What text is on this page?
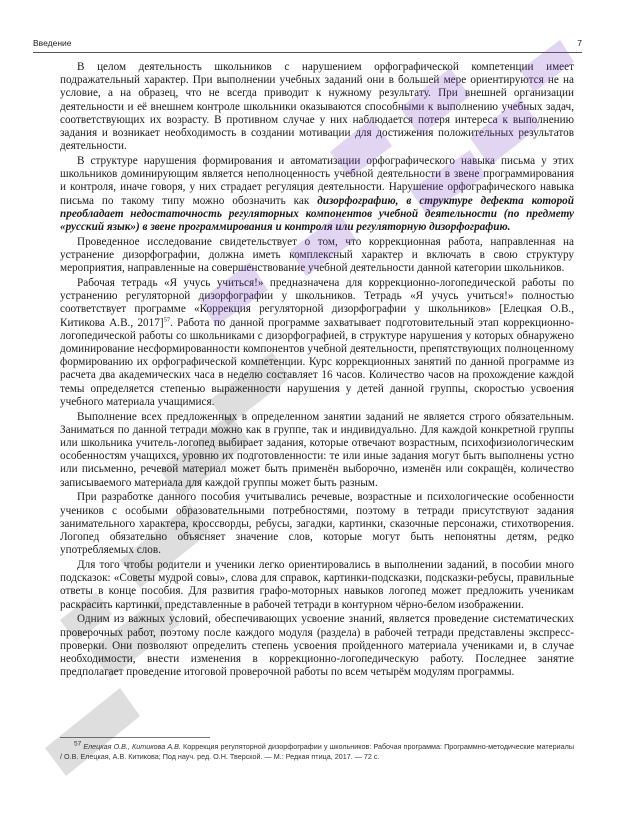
Введение	7

В целом деятельность школьников с нарушением орфографической компетенции имеет подражательный характер. При выполнении учебных заданий они в большей мере ориентируются не на условие, а на образец, что не всегда приводит к нужному результату. При внешней организации деятельности и её внешнем контроле школьники оказываются способными к выполнению учебных задач, соответствующих их возрасту. В противном случае у них наблюдается потеря интереса к выполнению задания и возникает необходимость в создании мотивации для достижения положительных результатов деятельности.

В структуре нарушения формирования и автоматизации орфографического навыка письма у этих школьников доминирующим является неполноценность учебной деятельности в звене программирования и контроля, иначе говоря, у них страдает регуляция деятельности. Нарушение орфографического навыка письма по такому типу можно обозначить как дизорфографию, в структуре дефекта которой преобладает недостаточность регуляторных компонентов учебной деятельности (по предмету «русский язык») в звене программирования и контроля или регуляторную дизорфографию.

Проведенное исследование свидетельствует о том, что коррекционная работа, направленная на устранение дизорфографии, должна иметь комплексный характер и включать в свою структуру мероприятия, направленные на совершенствование учебной деятельности данной категории школьников.

Рабочая тетрадь «Я учусь учиться!» предназначена для коррекционно-логопедической работы по устранению регуляторной дизорфографии у школьников. Тетрадь «Я учусь учиться!» полностью соответствует программе «Коррекция регуляторной дизорфографии у школьников» [Елецкая О.В., Китикова А.В., 2017]$^{57}$. Работа по данной программе захватывает подготовительный этап коррекционно-логопедической работы со школьниками с дизорфографией, в структуре нарушения у которых обнаружено доминирование несформированности компонентов учебной деятельности, препятствующих полноценному формированию их орфографической компетенции. Курс коррекционных занятий по данной программе из расчета два академических часа в неделю составляет 16 часов. Количество часов на прохождение каждой темы определяется степенью выраженности нарушения у детей данной группы, скоростью усвоения учебного материала учащимися.

Выполнение всех предложенных в определенном занятии заданий не является строго обязательным. Заниматься по данной тетради можно как в группе, так и индивидуально. Для каждой конкретной группы или школьника учитель-логопед выбирает задания, которые отвечают возрастным, психофизиологическим особенностям учащихся, уровню их подготовленности: те или иные задания могут быть выполнены устно или письменно, речевой материал может быть применён выборочно, изменён или сокращён, количество записываемого материала для каждой группы может быть разным.

При разработке данного пособия учитывались речевые, возрастные и психологические особенности учеников с особыми образовательными потребностями, поэтому в тетради присутствуют задания занимательного характера, кроссворды, ребусы, загадки, картинки, сказочные персонажи, стихотворения. Логопед обязательно объясняет значение слов, которые могут быть непонятны детям, редко употребляемых слов.

Для того чтобы родители и ученики легко ориентировались в выполнении заданий, в пособии много подсказок: «Советы мудрой совы», слова для справок, картинки-подсказки, подсказки-ребусы, правильные ответы в конце пособия. Для развития графо-моторных навыков логопед может предложить ученикам раскрасить картинки, представленные в рабочей тетради в контурном чёрно-белом изображении.

Одним из важных условий, обеспечивающих усвоение знаний, является проведение систематических проверочных работ, поэтому после каждого модуля (раздела) в рабочей тетради представлены экспресс-проверки. Они позволяют определить степень усвоения пройденного материала учениками и, в случае необходимости, внести изменения в коррекционно-логопедическую работу. Последнее занятие предполагает проведение итоговой проверочной работы по всем четырём модулям программы.

$^{57}$ Елецкая О.В., Китикова А.В. Коррекция регуляторной дизорфографии у школьников: Рабочая программа: Программно-методические материалы / О.В. Елецкая, А.В. Китикова; Под науч. ред. О.Н. Тверской. — М.: Редкая птица, 2017. — 72 с.
